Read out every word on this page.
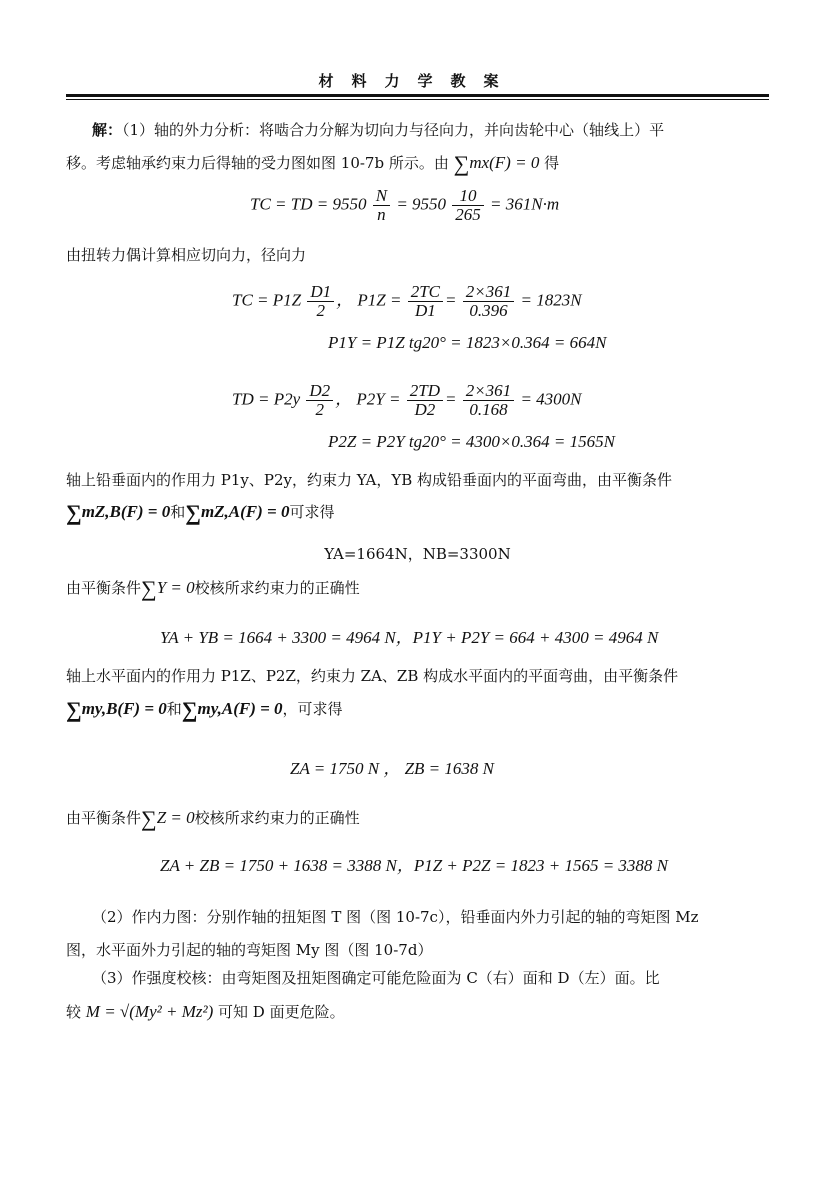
材料力学教案
解：（1）轴的外力分析：将啮合力分解为切向力与径向力，并向齿轮中心（轴线上）平
移。考虑轴承约束力后得轴的受力图如图 10-7b 所示。由 ∑mx(F) = 0 得
TC = TD = $9550 \frac{N}{n} = 9550 \frac{10}{265} = 361N\cdot m$
由扭转力偶计算相应切向力，径向力
TC = $P1Z \frac{D1}{2}$ ， $P1Z = \frac{2TC}{D1} = \frac{2\times 361}{0.396} = 1823N$
P1Y = P1Z tg20° = 1823×0.364 = 664N
TD = $P2y \frac{D2}{2}$ ， $P2Y = \frac{2TD}{D2} = \frac{2\times 361}{0.168} = 4300N$
P2Z = P2Y tg20° = 4300×0.364 = 1565N
轴上铅垂面内的作用力 P1y、P2y，约束力 YA，YB 构成铅垂面内的平面弯曲，由平衡条件
∑mZ,B(F) = 0和∑mZ,A(F) = 0可求得
YA=1664N，NB=3300N
由平衡条件∑Y = 0校核所求约束力的正确性
YA + YB = 1664 + 3300 = 4964 N，P1Y + P2Y = 664 + 4300 = 4964 N
轴上水平面内的作用力 P1Z、P2Z，约束力 ZA、ZB 构成水平面内的平面弯曲，由平衡条件
∑my,B(F) = 0和∑my,A(F) = 0，可求得
ZA = 1750 N ， ZB = 1638 N
由平衡条件∑Z = 0校核所求约束力的正确性
ZA + ZB = 1750 + 1638 = 3388 N，P1Z + P2Z = 1823 + 1565 = 3388 N
（2）作内力图：分别作轴的扭矩图 T 图（图 10-7c），铅垂面内外力引起的轴的弯矩图 Mz
图，水平面外力引起的轴的弯矩图 My 图（图 10-7d）
（3）作强度校核：由弯矩图及扭矩图确定可能危险面为 C（右）面和 D（左）面。比
较 M = √(My² + Mz²) 可知 D 面更危险。
